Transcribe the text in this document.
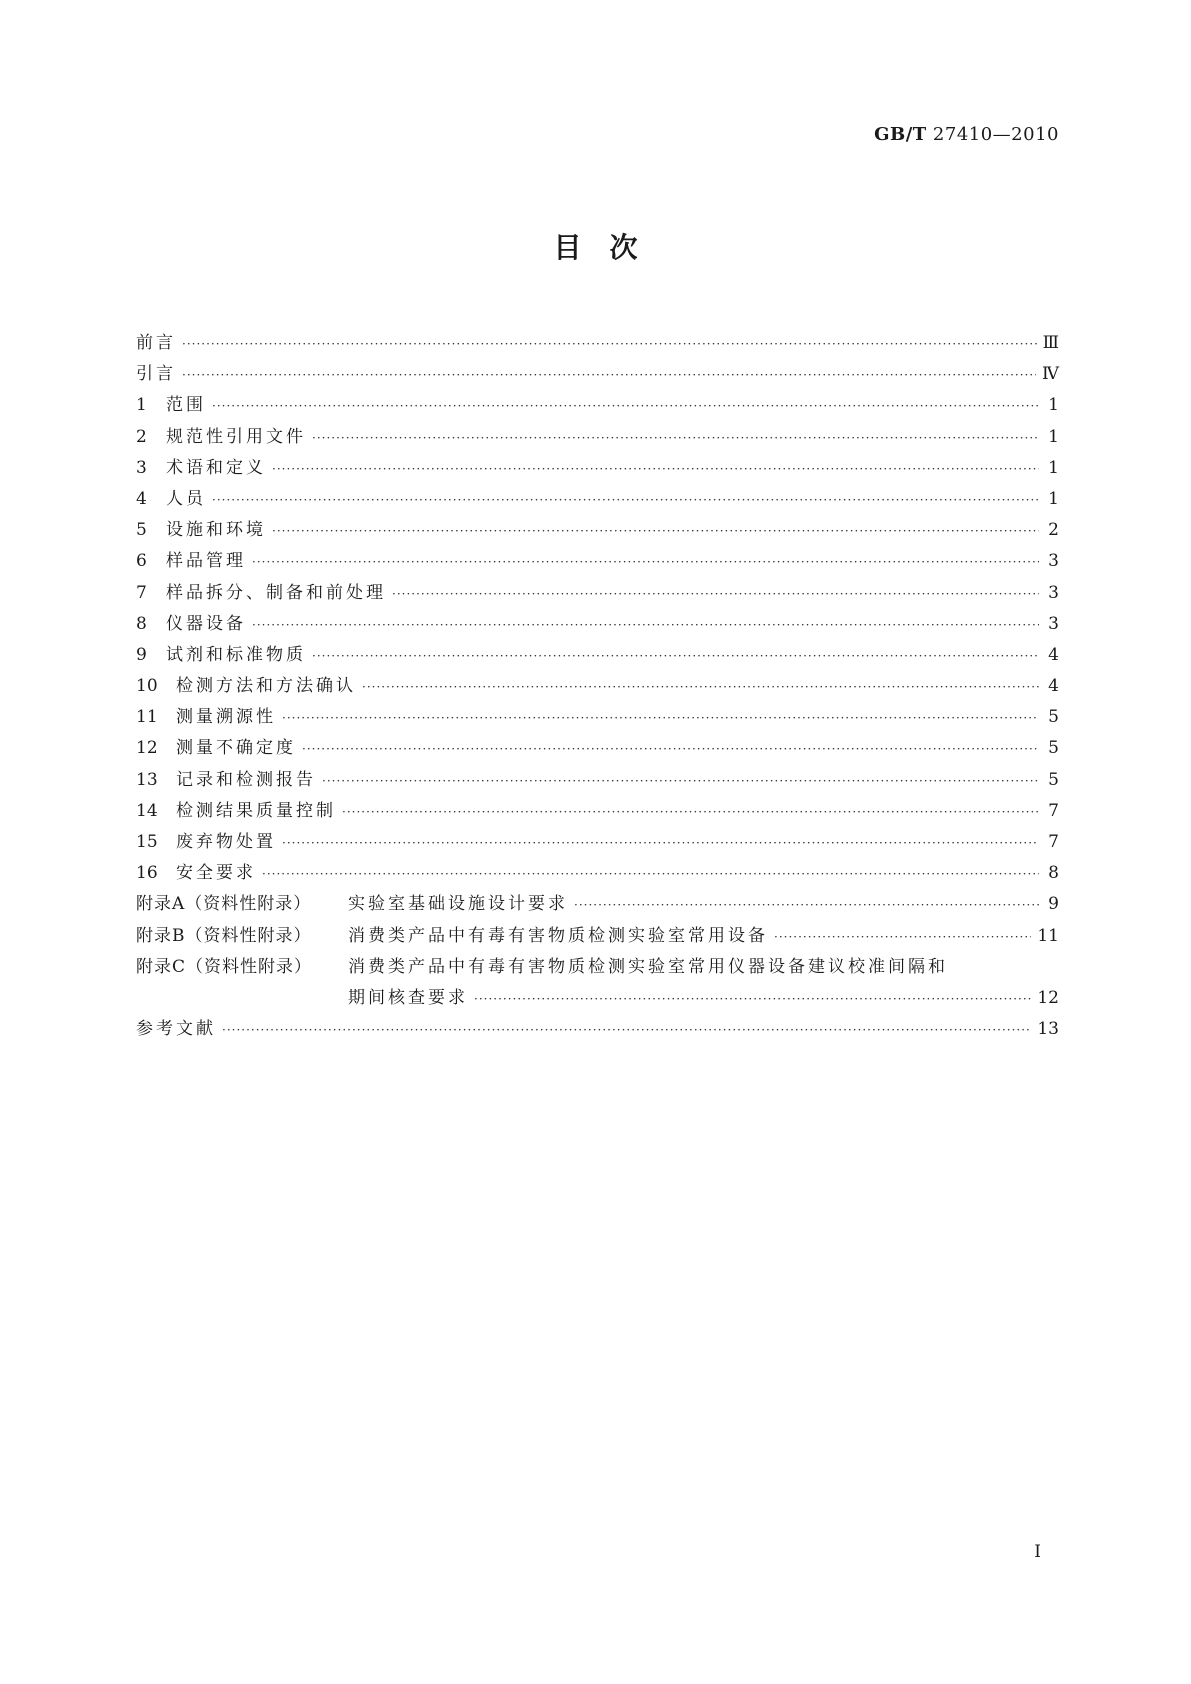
GB/T 27410—2010
目　次
前言 ·····	Ⅲ
引言 ·····	Ⅳ
1	范围 ·····	1
2	规范性引用文件 ·····	1
3	术语和定义 ·····	1
4	人员 ·····	1
5	设施和环境 ·····	2
6	样品管理 ·····	3
7	样品拆分、制备和前处理 ·····	3
8	仪器设备 ·····	3
9	试剂和标准物质 ·····	4
10	检测方法和方法确认 ·····	4
11	测量溯源性 ·····	5
12	测量不确定度 ·····	5
13	记录和检测报告 ·····	5
14	检测结果质量控制 ·····	7
15	废弃物处置 ·····	7
16	安全要求 ·····	8
附录A（资料性附录）	实验室基础设施设计要求 ·····	9
附录B（资料性附录）	消费类产品中有毒有害物质检测实验室常用设备 ·····	11
附录C（资料性附录）	消费类产品中有毒有害物质检测实验室常用仪器设备建议校准间隔和
期间核查要求 ·····	12
参考文献 ·····	13
I
